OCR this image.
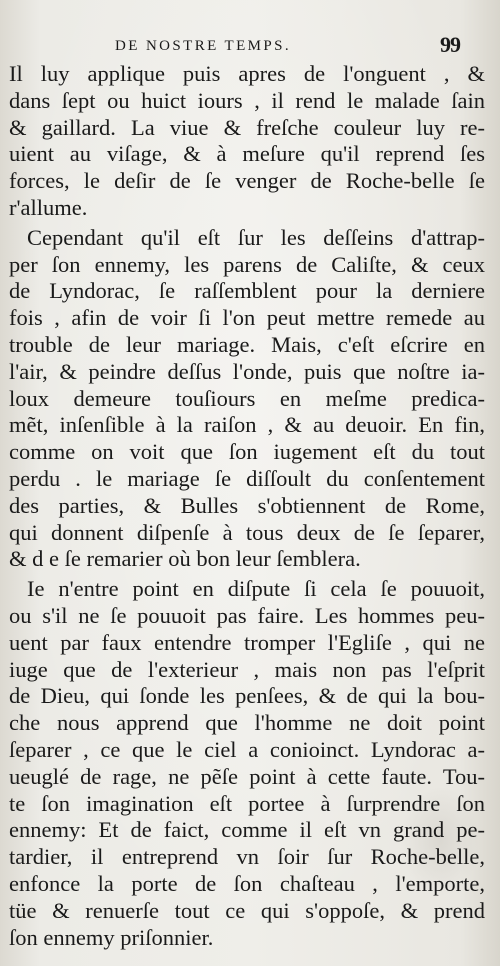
DE NOSTRE TEMPS.	99
Il luy applique puis apres de l'onguent , &
dans ſept ou huict iours , il rend le malade ſain
& gaillard. La viue & freſche couleur luy re-
uient au viſage, & à meſure qu'il reprend ſes
forces, le deſir de ſe venger de Roche-belle ſe
r'allume.
Cependant qu'il eſt ſur les deſſeins d'attrap-
per ſon ennemy, les parens de Caliſte, & ceux
de Lyndorac, ſe raſſemblent pour la derniere
fois , afin de voir ſi l'on peut mettre remede au
trouble de leur mariage. Mais, c'eſt eſcrire en
l'air, & peindre deſſus l'onde, puis que noſtre ia-
loux demeure touſiours en meſme predica-
mẽt, inſenſible à la raiſon , & au deuoir. En fin,
comme on voit que ſon iugement eſt du tout
perdu . le mariage ſe diſſoult du conſentement
des parties, & Bulles s'obtiennent de Rome,
qui donnent diſpenſe à tous deux de ſe ſeparer,
& d e ſe remarier où bon leur ſemblera.
Ie n'entre point en diſpute ſi cela ſe pouuoit,
ou s'il ne ſe pouuoit pas faire. Les hommes peu-
uent par faux entendre tromper l'Egliſe , qui ne
iuge que de l'exterieur , mais non pas l'eſprit
de Dieu, qui ſonde les penſees, & de qui la bou-
che nous apprend que l'homme ne doit point
ſeparer , ce que le ciel a conioinct. Lyndorac a-
ueuglé de rage, ne pẽſe point à cette faute. Tou-
te ſon imagination eſt portee à ſurprendre ſon
ennemy: Et de faict, comme il eſt vn grand pe-
tardier, il entreprend vn ſoir ſur Roche-belle,
enfonce la porte de ſon chaſteau , l'emporte,
tüe & renuerſe tout ce qui s'oppoſe, & prend
ſon ennemy priſonnier.
